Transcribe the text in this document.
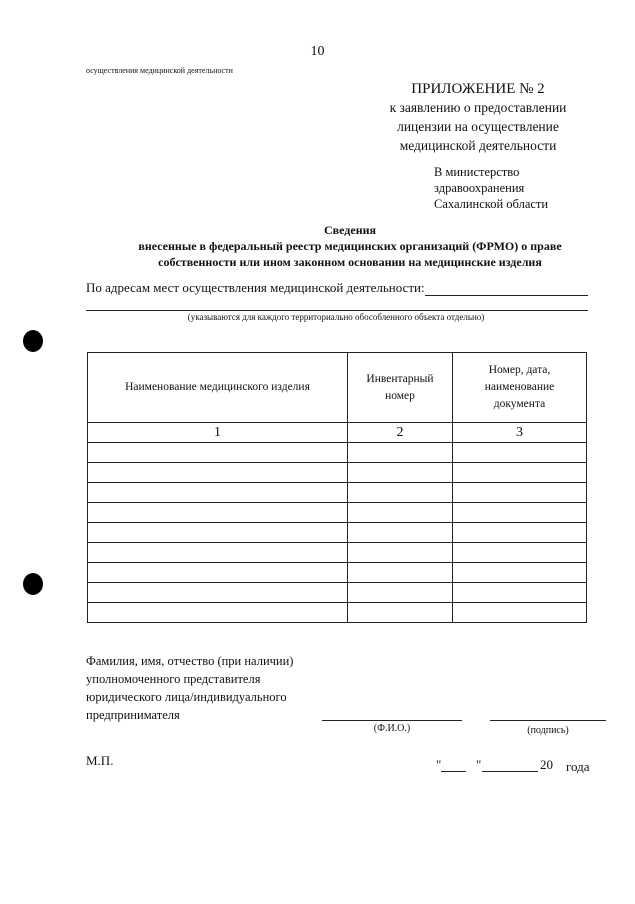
10
осуществления медицинской деятельности
ПРИЛОЖЕНИЕ № 2
к заявлению о предоставлении
лицензии на осуществление
медицинской деятельности
В министерство
здравоохранения
Сахалинской области
Сведения
внесенные в федеральный реестр медицинских организаций (ФРМО) о праве
собственности или ином законном основании на медицинские изделия
По адресам мест осуществления медицинской деятельности:
(указываются для каждого территориально обособленного объекта отдельно)
Наименование медицинского изделия	Инвентарный номер	Номер, дата, наименование документа
1	2	3

Фамилия, имя, отчество (при наличии)
уполномоченного представителя
юридического лица/индивидуального
предпринимателя
(Ф.И.О.)	(подпись)
М.П.	"	"	20 года
